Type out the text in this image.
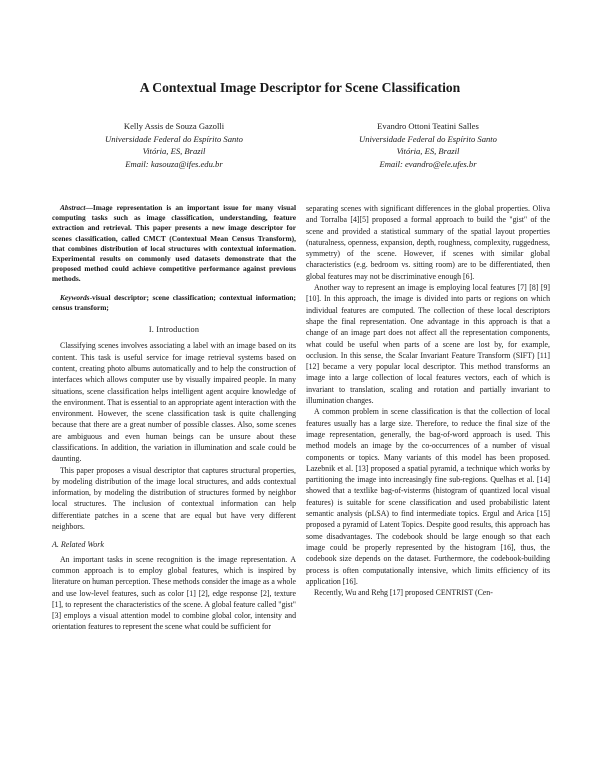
A Contextual Image Descriptor for Scene Classification
Kelly Assis de Souza Gazolli
Universidade Federal do Espírito Santo
Vitória, ES, Brazil
Email: kasouza@ifes.edu.br
Evandro Ottoni Teatini Salles
Universidade Federal do Espírito Santo
Vitória, ES, Brazil
Email: evandro@ele.ufes.br

Abstract—Image representation is an important issue for many visual computing tasks such as image classification, understanding, feature extraction and retrieval. This paper presents a new image descriptor for scenes classification, called CMCT (Contextual Mean Census Transform), that combines distribution of local structures with contextual information. Experimental results on commonly used datasets demonstrate that the proposed method could achieve competitive performance against previous methods.

Keywords-visual descriptor; scene classification; contextual information; census transform;

I. Introduction

Classifying scenes involves associating a label with an image based on its content. This task is useful service for image retrieval systems based on content, creating photo albums automatically and to help the construction of interfaces which allows computer use by visually impaired people. In many situations, scene classification helps intelligent agent acquire knowledge of the environment. That is essential to an appropriate agent interaction with the environment. However, the scene classification task is quite challenging because that there are a great number of possible classes. Also, some scenes are ambiguous and even human beings can be unsure about these classifications. In addition, the variation in illumination and scale could be daunting.

This paper proposes a visual descriptor that captures structural properties, by modeling distribution of the image local structures, and adds contextual information, by modeling the distribution of structures formed by neighbor local structures. The inclusion of contextual information can help differentiate patches in a scene that are equal but have very different neighbors.

A. Related Work

An important tasks in scene recognition is the image representation. A common approach is to employ global features, which is inspired by literature on human perception. These methods consider the image as a whole and use low-level features, such as color [1] [2], edge response [2], texture [1], to represent the characteristics of the scene. A global feature called "gist" [3] employs a visual attention model to combine global color, intensity and orientation features to represent the scene what could be sufficient for

separating scenes with significant differences in the global properties. Oliva and Torralba [4][5] proposed a formal approach to build the "gist" of the scene and provided a statistical summary of the spatial layout properties (naturalness, openness, expansion, depth, roughness, complexity, ruggedness, symmetry) of the scene. However, if scenes with similar global characteristics (e.g. bedroom vs. sitting room) are to be differentiated, then global features may not be discriminative enough [6].

Another way to represent an image is employing local features [7] [8] [9] [10]. In this approach, the image is divided into parts or regions on which individual features are computed. The collection of these local descriptors shape the final representation. One advantage in this approach is that a change of an image part does not affect all the representation components, what could be useful when parts of a scene are lost by, for example, occlusion. In this sense, the Scalar Invariant Feature Transform (SIFT) [11] [12] became a very popular local descriptor. This method transforms an image into a large collection of local features vectors, each of which is invariant to translation, scaling and rotation and partially invariant to illumination changes.

A common problem in scene classification is that the collection of local features usually has a large size. Therefore, to reduce the final size of the image representation, generally, the bag-of-word approach is used. This method models an image by the co-occurrences of a number of visual components or topics. Many variants of this model has been proposed. Lazebnik et al. [13] proposed a spatial pyramid, a technique which works by partitioning the image into increasingly fine sub-regions. Quelhas et al. [14] showed that a textlike bag-of-visterms (histogram of quantized local visual features) is suitable for scene classification and used probabilistic latent semantic analysis (pLSA) to find intermediate topics. Ergul and Arica [15] proposed a pyramid of Latent Topics. Despite good results, this approach has some disadvantages. The codebook should be large enough so that each image could be properly represented by the histogram [16], thus, the codebook size depends on the dataset. Furthermore, the codebook-building process is often computationally intensive, which limits efficiency of its application [16].

Recently, Wu and Rehg [17] proposed CENTRIST (Cen-
